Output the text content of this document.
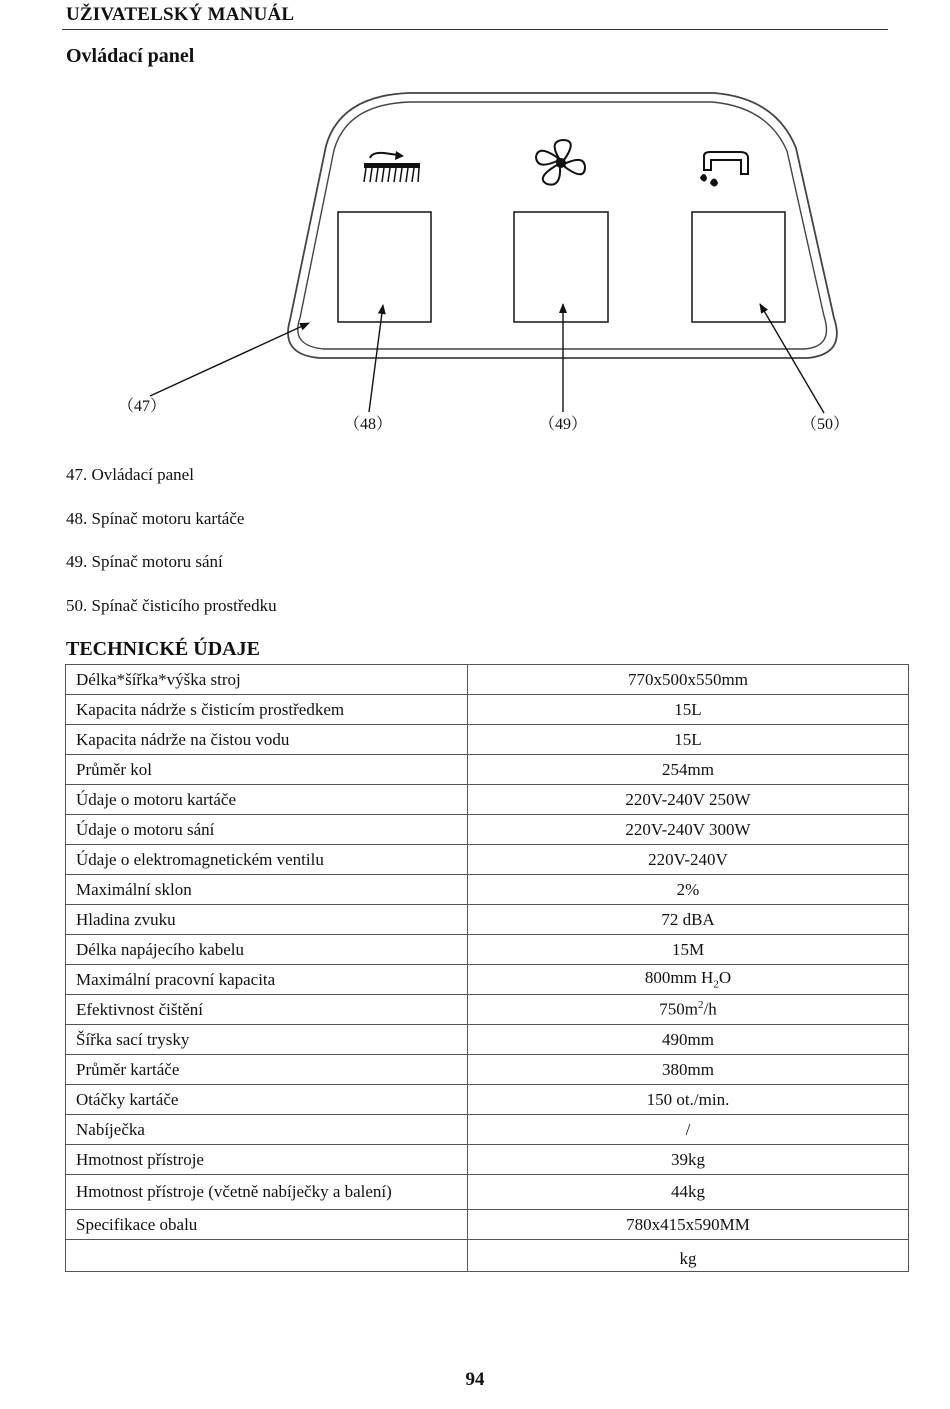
UŽIVATELSKÝ MANUÁL
Ovládací panel
（47）
（48）	（49）	（50）
47. Ovládací panel
48. Spínač motoru kartáče
49. Spínač motoru sání
50. Spínač čisticího prostředku
TECHNICKÉ ÚDAJE
Délka*šířka*výška stroj	770x500x550mm
Kapacita nádrže s čisticím prostředkem	15L
Kapacita nádrže na čistou vodu	15L
Průměr kol	254mm
Údaje o motoru kartáče	220V-240V 250W
Údaje o motoru sání	220V-240V 300W
Údaje o elektromagnetickém ventilu	220V-240V
Maximální sklon	2%
Hladina zvuku	72 dBA
Délka napájecího kabelu	15M
Maximální pracovní kapacita	800mm $H_2O$
Efektivnost čištění	$750m^2/h$
Šířka sací trysky	490mm
Průměr kartáče	380mm
Otáčky kartáče	150 ot./min.
Nabíječka	/
Hmotnost přístroje	39kg
Hmotnost přístroje (včetně nabíječky a balení)	44kg
Specifikace obalu	780x415x590MM
	kg
94
